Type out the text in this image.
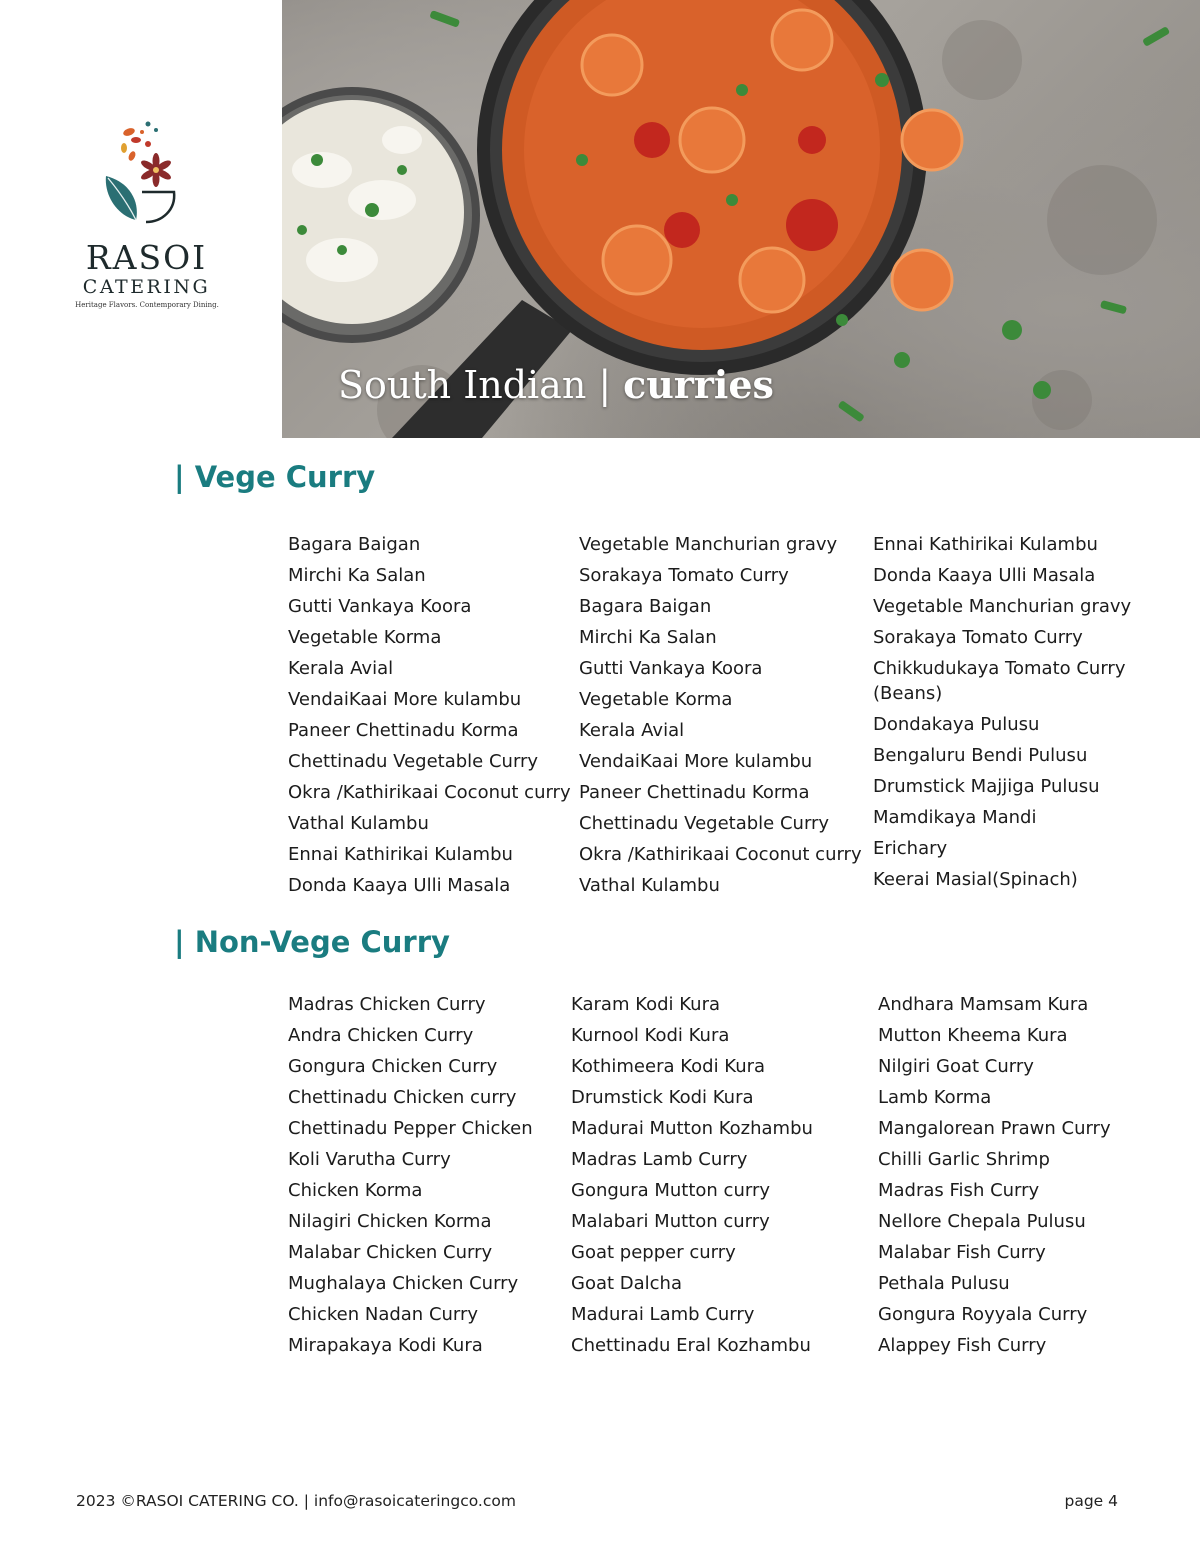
RASOI
CATERING
Heritage Flavors. Contemporary Dining.
South Indian | curries
| Vege Curry
Bagara Baigan
Mirchi Ka Salan
Gutti Vankaya Koora
Vegetable Korma
Kerala Avial
VendaiKaai More kulambu
Paneer Chettinadu Korma
Chettinadu Vegetable Curry
Okra /Kathirikaai Coconut curry
Vathal Kulambu
Ennai Kathirikai Kulambu
Donda Kaaya Ulli Masala
Vegetable Manchurian gravy
Sorakaya Tomato Curry
Bagara Baigan
Mirchi Ka Salan
Gutti Vankaya Koora
Vegetable Korma
Kerala Avial
VendaiKaai More kulambu
Paneer Chettinadu Korma
Chettinadu Vegetable Curry
Okra /Kathirikaai Coconut curry
Vathal Kulambu
Ennai Kathirikai Kulambu
Donda Kaaya Ulli Masala
Vegetable Manchurian gravy
Sorakaya Tomato Curry
Chikkudukaya Tomato Curry (Beans)
Dondakaya Pulusu
Bengaluru Bendi Pulusu
Drumstick Majjiga Pulusu
Mamdikaya Mandi
Erichary
Keerai Masial(Spinach)
| Non-Vege Curry
Madras Chicken Curry
Andra Chicken Curry
Gongura Chicken Curry
Chettinadu Chicken curry
Chettinadu Pepper Chicken
Koli Varutha Curry
Chicken Korma
Nilagiri Chicken Korma
Malabar Chicken Curry
Mughalaya Chicken Curry
Chicken Nadan Curry
Mirapakaya Kodi Kura
Karam Kodi Kura
Kurnool Kodi Kura
Kothimeera Kodi Kura
Drumstick Kodi Kura
Madurai Mutton Kozhambu
Madras Lamb Curry
Gongura Mutton curry
Malabari Mutton curry
Goat pepper curry
Goat Dalcha
Madurai Lamb Curry
Chettinadu Eral Kozhambu
Andhara Mamsam Kura
Mutton Kheema Kura
Nilgiri Goat Curry
Lamb Korma
Mangalorean Prawn Curry
Chilli Garlic Shrimp
Madras Fish Curry
Nellore Chepala Pulusu
Malabar Fish Curry
Pethala Pulusu
Gongura Royyala Curry
Alappey Fish Curry
2023 ©RASOI CATERING CO. | info@rasoicateringco.com	page 4
